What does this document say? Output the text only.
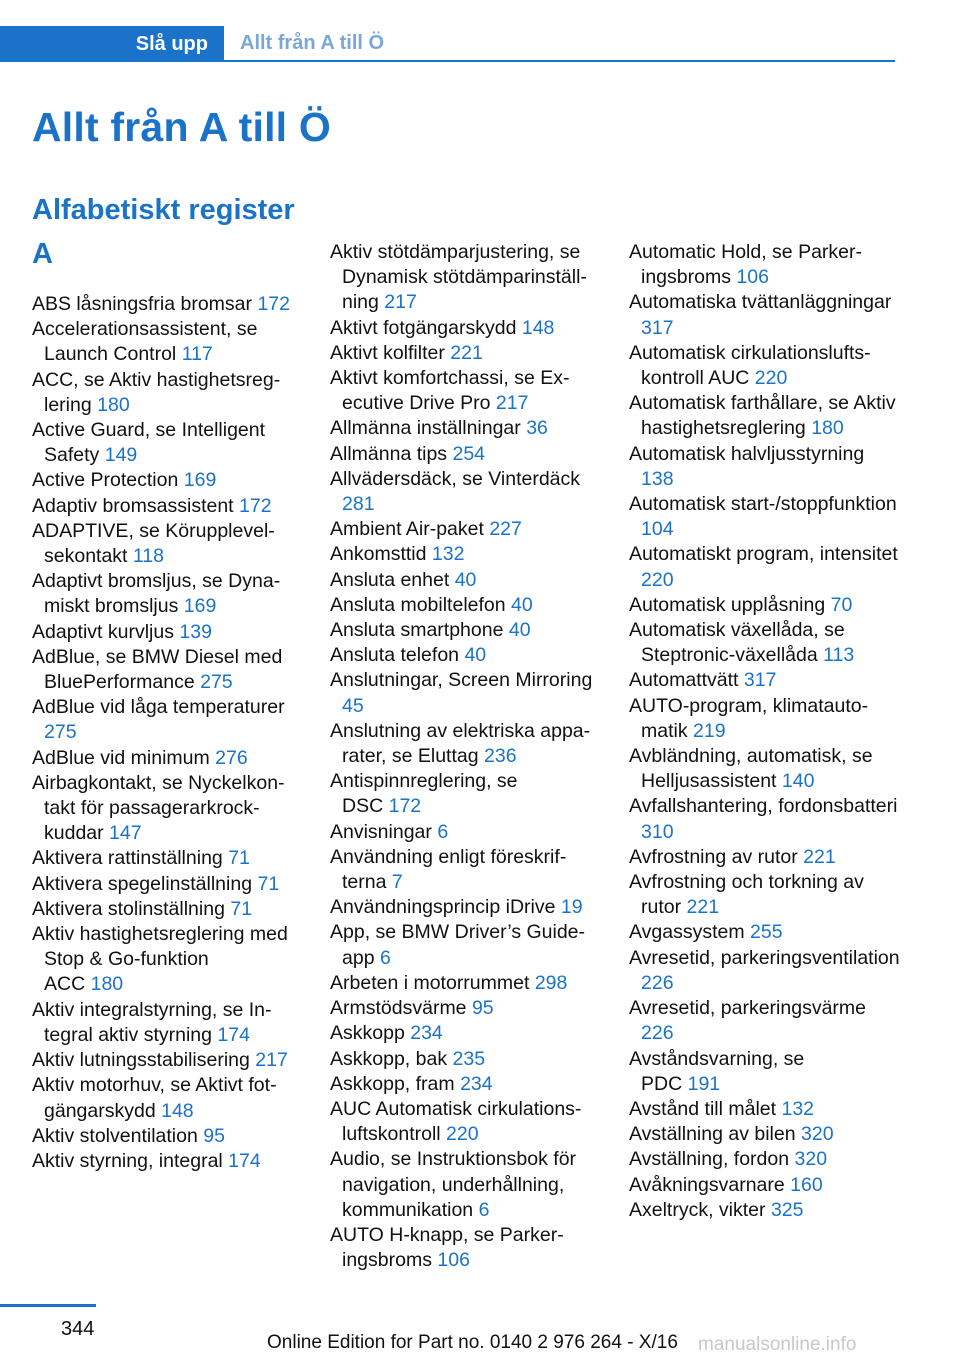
Slå upp	Allt från A till Ö
Allt från A till Ö
Alfabetiskt register
A
ABS låsningsfria bromsar 172
Accelerationsassistent, se Launch Control 117
ACC, se Aktiv hastighetsreglering 180
Active Guard, se Intelligent Safety 149
Active Protection 169
Adaptiv bromsassistent 172
ADAPTIVE, se Körupplevelsekontakt 118
Adaptivt bromsljus, se Dynamiskt bromsljus 169
Adaptivt kurvljus 139
AdBlue, se BMW Diesel med BluePerformance 275
AdBlue vid låga temperaturer 275
AdBlue vid minimum 276
Airbagkontakt, se Nyckelkontakt för passagerarkrockkuddar 147
Aktivera rattinställning 71
Aktivera spegelinställning 71
Aktivera stolinställning 71
Aktiv hastighetsreglering med Stop & Go-funktion
ACC 180
Aktiv integralstyrning, se Integral aktiv styrning 174
Aktiv lutningsstabilisering 217
Aktiv motorhuv, se Aktivt fotgängarskydd 148
Aktiv stolventilation 95
Aktiv styrning, integral 174
Aktiv stötdämparjustering, se Dynamisk stötdämparinställning 217
Aktivt fotgängarskydd 148
Aktivt kolfilter 221
Aktivt komfortchassi, se Executive Drive Pro 217
Allmänna inställningar 36
Allmänna tips 254
Allvädersdäck, se Vinterdäck 281
Ambient Air-paket 227
Ankomsttid 132
Ansluta enhet 40
Ansluta mobiltelefon 40
Ansluta smartphone 40
Ansluta telefon 40
Anslutningar, Screen Mirroring 45
Anslutning av elektriska apparater, se Eluttag 236
Antispinnreglering, se
DSC 172
Anvisningar 6
Användning enligt föreskrifterna 7
Användningsprincip iDrive 19
App, se BMW Driver’s Guide-app 6
Arbeten i motorrummet 298
Armstödsvärme 95
Askkopp 234
Askkopp, bak 235
Askkopp, fram 234
AUC Automatisk cirkulationsluftskontroll 220
Audio, se Instruktionsbok för navigation, underhållning, kommunikation 6
AUTO H-knapp, se Parkeringsbroms 106
Automatic Hold, se Parkeringsbroms 106
Automatiska tvättanläggningar 317
Automatisk cirkulationsluftskontroll AUC 220
Automatisk farthållare, se Aktiv hastighetsreglering 180
Automatisk halvljusstyrning 138
Automatisk start-/stoppfunktion 104
Automatiskt program, intensitet 220
Automatisk upplåsning 70
Automatisk växellåda, se Steptronic-växellåda 113
Automattvätt 317
AUTO-program, klimatautomatik 219
Avbländning, automatisk, se Helljusassistent 140
Avfallshantering, fordonsbatteri 310
Avfrostning av rutor 221
Avfrostning och torkning av rutor 221
Avgassystem 255
Avresetid, parkeringsventilation 226
Avresetid, parkeringsvärme 226
Avståndsvarning, se
PDC 191
Avstånd till målet 132
Avställning av bilen 320
Avställning, fordon 320
Avåkningsvarnare 160
Axeltryck, vikter 325
344
Online Edition for Part no. 0140 2 976 264 - X/16 manualsonline.info
